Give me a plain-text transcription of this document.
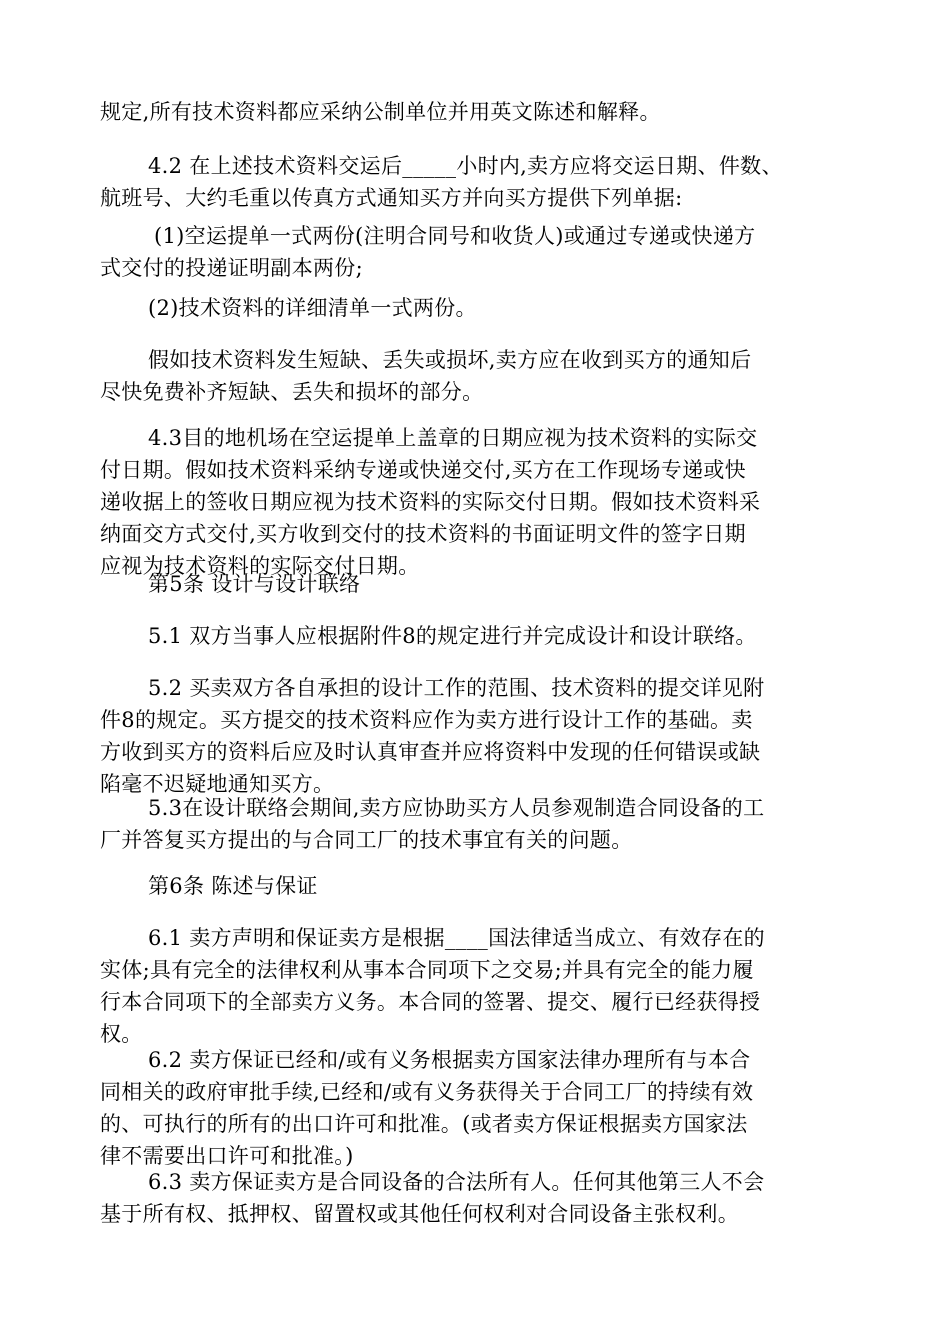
规定,所有技术资料都应采纳公制单位并用英文陈述和解释。

4.2 在上述技术资料交运后_____小时内,卖方应将交运日期、件数、
航班号、大约毛重以传真方式通知买方并向买方提供下列单据:

(1)空运提单一式两份(注明合同号和收货人)或通过专递或快递方
式交付的投递证明副本两份;

(2)技术资料的详细清单一式两份。

假如技术资料发生短缺、丢失或损坏,卖方应在收到买方的通知后
尽快免费补齐短缺、丢失和损坏的部分。

4.3目的地机场在空运提单上盖章的日期应视为技术资料的实际交
付日期。假如技术资料采纳专递或快递交付,买方在工作现场专递或快
递收据上的签收日期应视为技术资料的实际交付日期。假如技术资料采
纳面交方式交付,买方收到交付的技术资料的书面证明文件的签字日期
应视为技术资料的实际交付日期。

第5条 设计与设计联络

5.1 双方当事人应根据附件8的规定进行并完成设计和设计联络。

5.2 买卖双方各自承担的设计工作的范围、技术资料的提交详见附
件8的规定。买方提交的技术资料应作为卖方进行设计工作的基础。卖
方收到买方的资料后应及时认真审查并应将资料中发现的任何错误或缺
陷毫不迟疑地通知买方。

5.3在设计联络会期间,卖方应协助买方人员参观制造合同设备的工
厂并答复买方提出的与合同工厂的技术事宜有关的问题。

第6条 陈述与保证

6.1 卖方声明和保证卖方是根据____国法律适当成立、有效存在的
实体;具有完全的法律权利从事本合同项下之交易;并具有完全的能力履
行本合同项下的全部卖方义务。本合同的签署、提交、履行已经获得授
权。

6.2 卖方保证已经和/或有义务根据卖方国家法律办理所有与本合
同相关的政府审批手续,已经和/或有义务获得关于合同工厂的持续有效
的、可执行的所有的出口许可和批准。(或者卖方保证根据卖方国家法
律不需要出口许可和批准。)

6.3 卖方保证卖方是合同设备的合法所有人。任何其他第三人不会
基于所有权、抵押权、留置权或其他任何权利对合同设备主张权利。
